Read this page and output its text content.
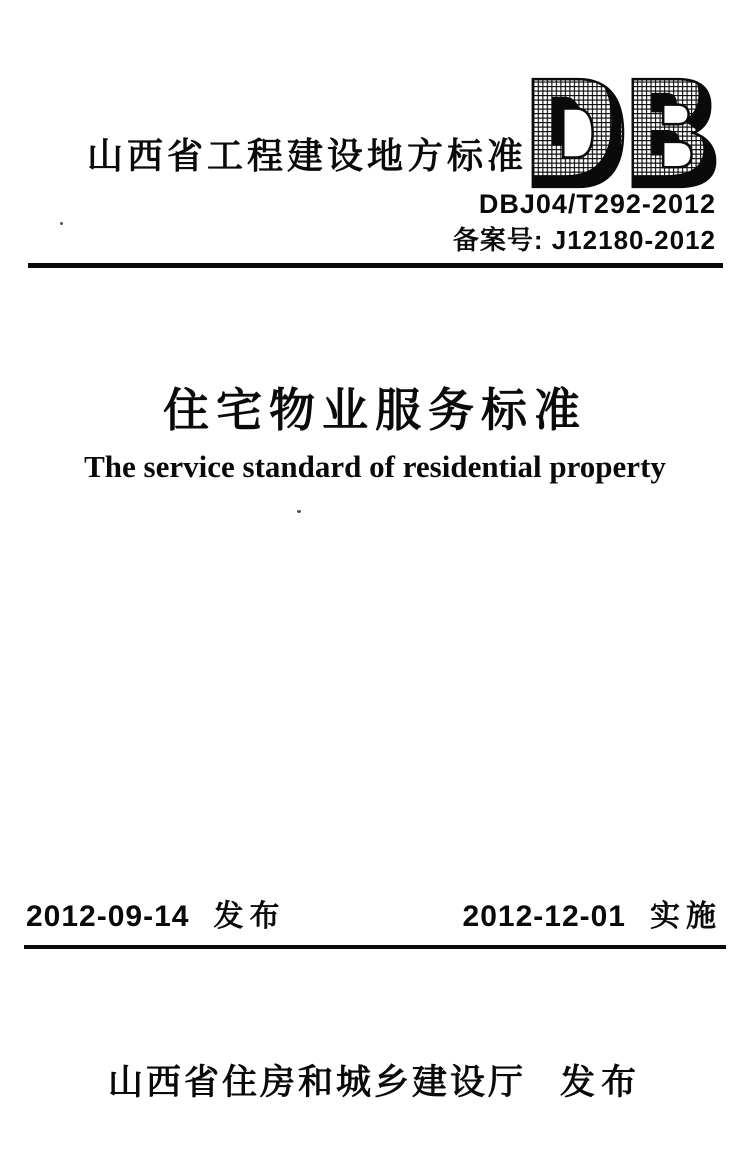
山西省工程建设地方标准
DBJ04/T292-2012
备案号: J12180-2012
住宅物业服务标准
The service standard of residential property
2012-09-14 发布	2012-12-01 实施
山西省住房和城乡建设厅 发布
